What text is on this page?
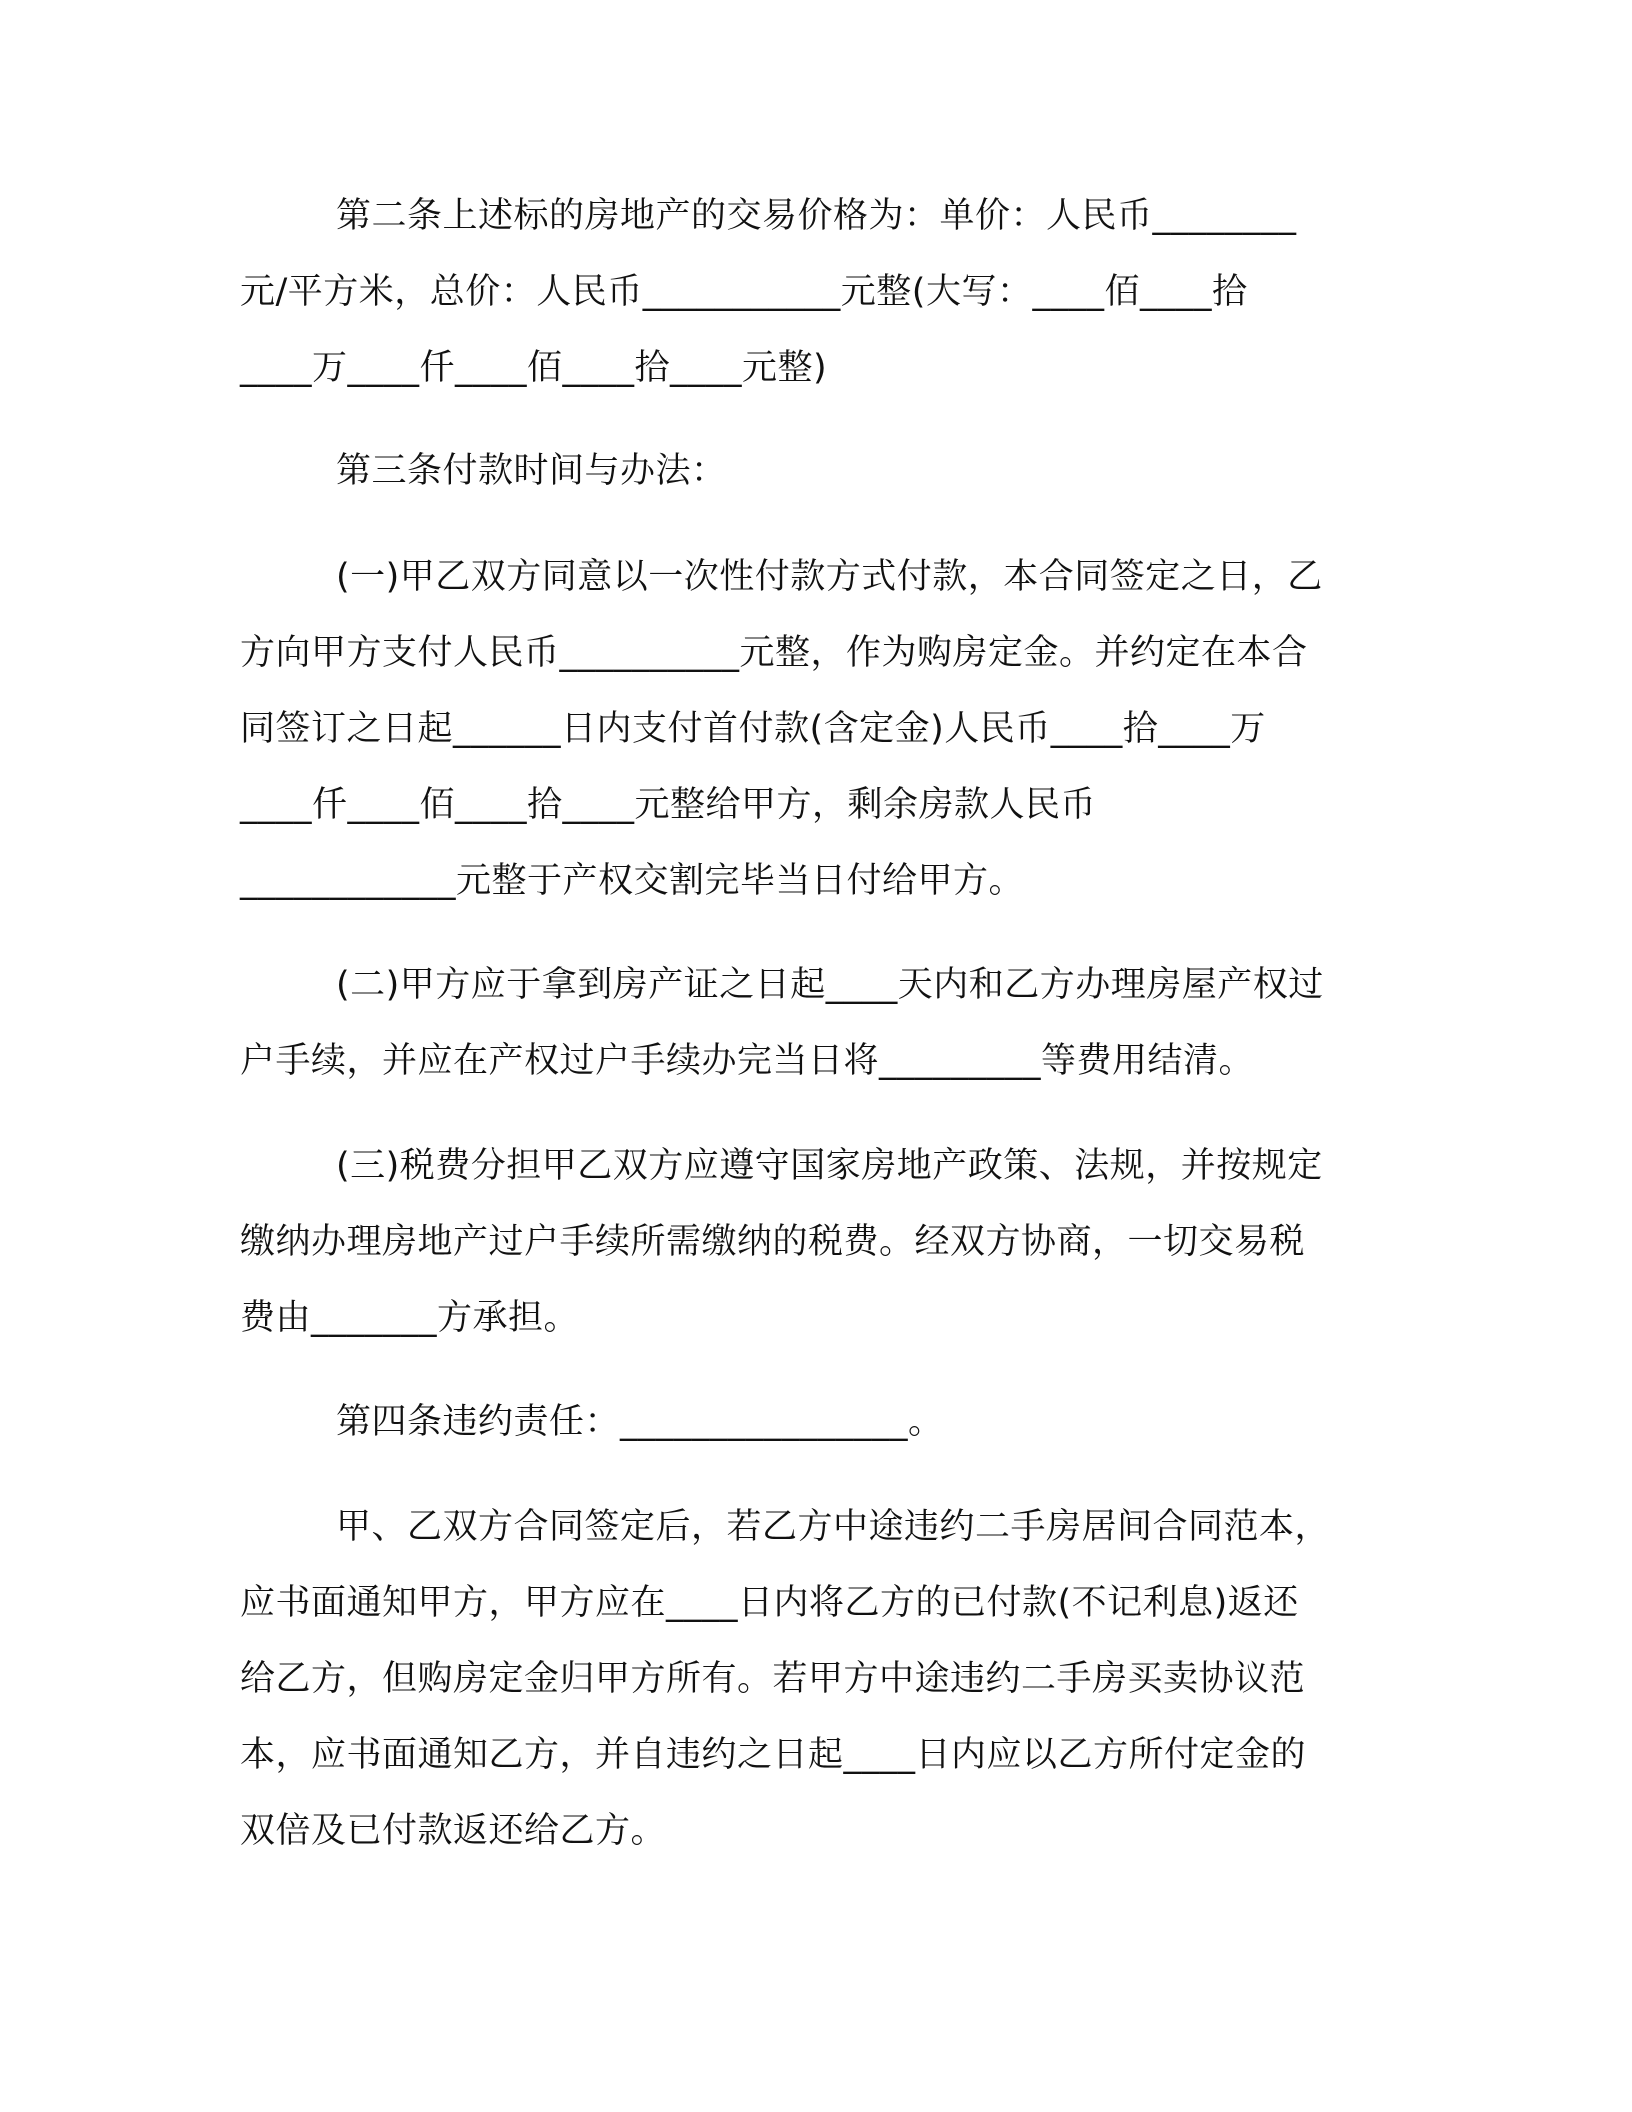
第二条上述标的房地产的交易价格为：单价：人民币________
元/平方米，总价：人民币___________元整(大写：____佰____拾
____万____仟____佰____拾____元整)
第三条付款时间与办法：
(一)甲乙双方同意以一次性付款方式付款，本合同签定之日，乙
方向甲方支付人民币__________元整，作为购房定金。并约定在本合
同签订之日起______日内支付首付款(含定金)人民币____拾____万
____仟____佰____拾____元整给甲方，剩余房款人民币
____________元整于产权交割完毕当日付给甲方。
(二)甲方应于拿到房产证之日起____天内和乙方办理房屋产权过
户手续，并应在产权过户手续办完当日将_________等费用结清。
(三)税费分担甲乙双方应遵守国家房地产政策、法规，并按规定
缴纳办理房地产过户手续所需缴纳的税费。经双方协商，一切交易税
费由_______方承担。
第四条违约责任：________________。
甲、乙双方合同签定后，若乙方中途违约二手房居间合同范本，
应书面通知甲方，甲方应在____日内将乙方的已付款(不记利息)返还
给乙方，但购房定金归甲方所有。若甲方中途违约二手房买卖协议范
本，应书面通知乙方，并自违约之日起____日内应以乙方所付定金的
双倍及已付款返还给乙方。
